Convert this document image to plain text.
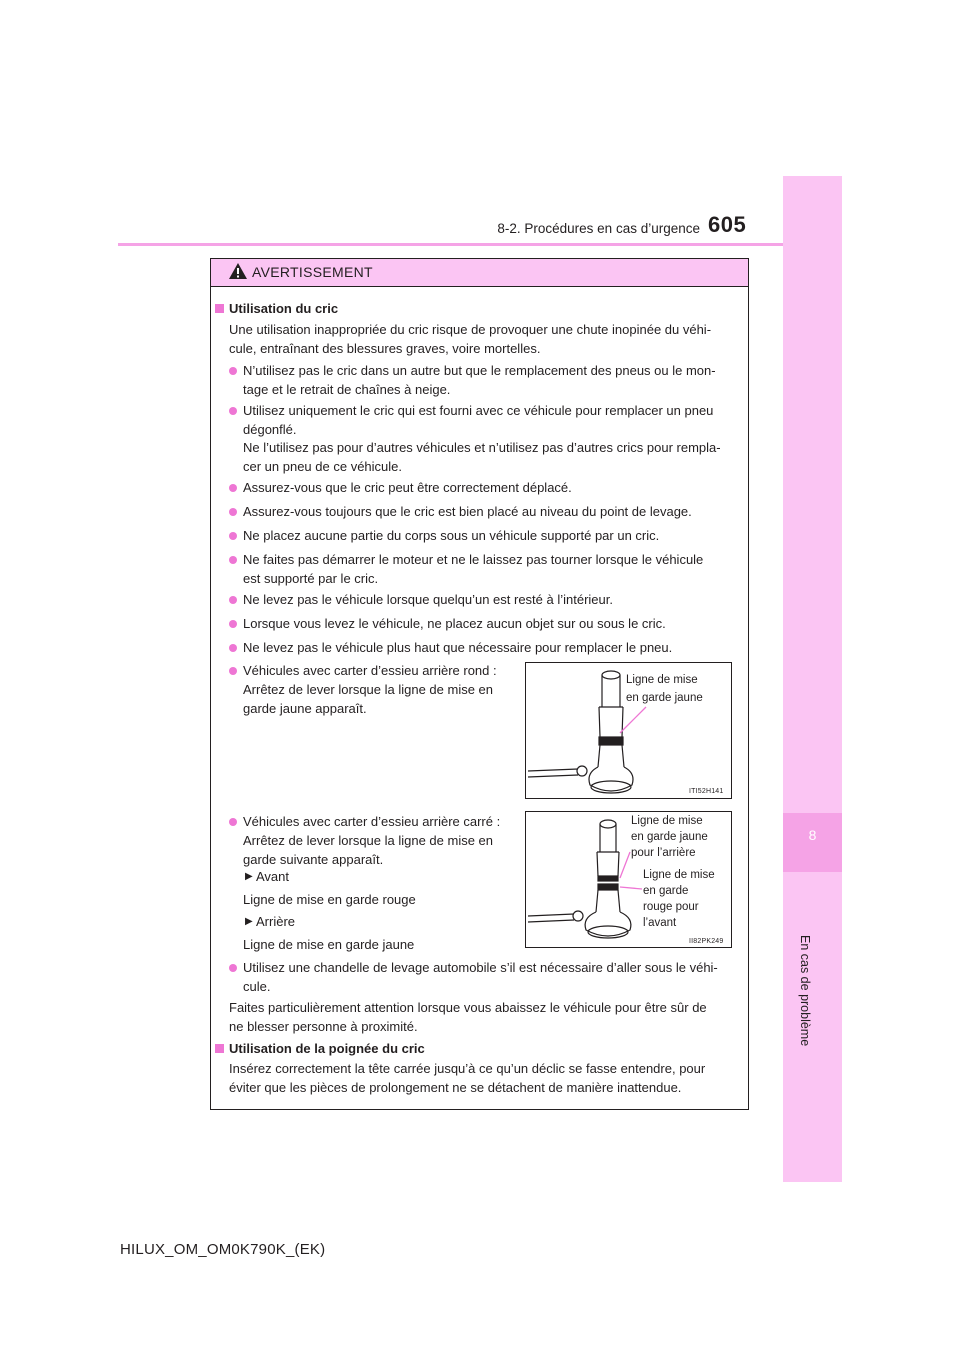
8-2. Procédures en cas d’urgence 605
8
En cas de problème
AVERTISSEMENT
Utilisation du cric
Une utilisation inappropriée du cric risque de provoquer une chute inopinée du véhi-
cule, entraînant des blessures graves, voire mortelles.
N’utilisez pas le cric dans un autre but que le remplacement des pneus ou le mon-
tage et le retrait de chaînes à neige.
Utilisez uniquement le cric qui est fourni avec ce véhicule pour remplacer un pneu
dégonflé.
Ne l’utilisez pas pour d’autres véhicules et n’utilisez pas d’autres crics pour rempla-
cer un pneu de ce véhicule.
Assurez-vous que le cric peut être correctement déplacé.
Assurez-vous toujours que le cric est bien placé au niveau du point de levage.
Ne placez aucune partie du corps sous un véhicule supporté par un cric.
Ne faites pas démarrer le moteur et ne le laissez pas tourner lorsque le véhicule
est supporté par le cric.
Ne levez pas le véhicule lorsque quelqu’un est resté à l’intérieur.
Lorsque vous levez le véhicule, ne placez aucun objet sur ou sous le cric.
Ne levez pas le véhicule plus haut que nécessaire pour remplacer le pneu.
Véhicules avec carter d’essieu arrière rond :
Arrêtez de lever lorsque la ligne de mise en
garde jaune apparaît.
Ligne de mise
en garde jaune
ITI52H141
Véhicules avec carter d’essieu arrière carré :
Arrêtez de lever lorsque la ligne de mise en
garde suivante apparaît.
▶ Avant
Ligne de mise en garde rouge
▶ Arrière
Ligne de mise en garde jaune
Ligne de mise
en garde jaune
pour l’arrière
Ligne de mise
en garde
rouge pour
l’avant
II82PK249
Utilisez une chandelle de levage automobile s’il est nécessaire d’aller sous le véhi-
cule.
Faites particulièrement attention lorsque vous abaissez le véhicule pour être sûr de
ne blesser personne à proximité.
Utilisation de la poignée du cric
Insérez correctement la tête carrée jusqu’à ce qu’un déclic se fasse entendre, pour
éviter que les pièces de prolongement ne se détachent de manière inattendue.
HILUX_OM_OM0K790K_(EK)
